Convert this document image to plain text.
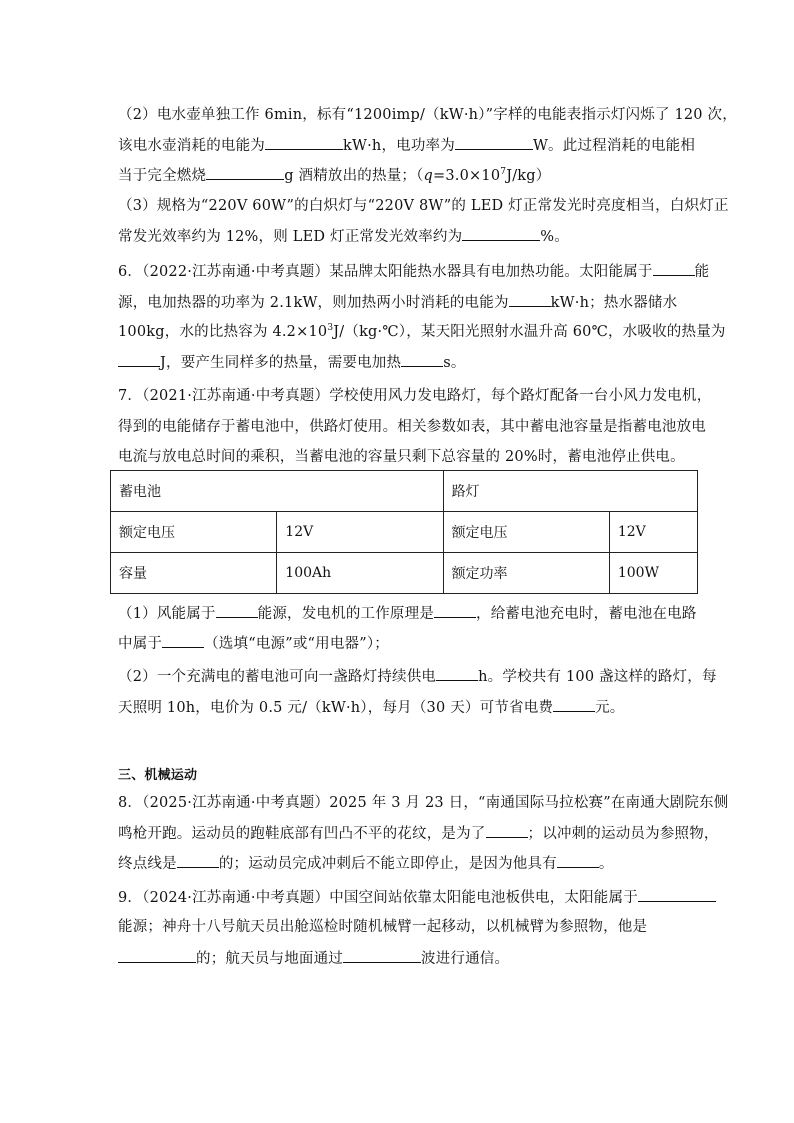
（2）电水壶单独工作 6min，标有“1200imp/（kW·h）”字样的电能表指示灯闪烁了 120 次，
该电水壶消耗的电能为	kW·h，电功率为	W。此过程消耗的电能相
当于完全燃烧	g 酒精放出的热量；$(q=3.0\times 10^7J/kg)$
（3）规格为“220V 60W”的白炽灯与“220V 8W”的 LED 灯正常发光时亮度相当，白炽灯正
常发光效率约为 12%，则 LED 灯正常发光效率约为	%。
6．（2022·江苏南通·中考真题）某品牌太阳能热水器具有电加热功能。太阳能属于	能
源，电加热器的功率为 2.1kW，则加热两小时消耗的电能为	kW·h；热水器储水
100kg，水的比热容为 $4.2\times 10^3J/(kg\cdot℃)$，某天阳光照射水温升高 60℃，水吸收的热量为
J，要产生同样多的热量，需要电加热	s。
7．（2021·江苏南通·中考真题）学校使用风力发电路灯，每个路灯配备一台小风力发电机，
得到的电能储存于蓄电池中，供路灯使用。相关参数如表，其中蓄电池容量是指蓄电池放电
电流与放电总时间的乘积，当蓄电池的容量只剩下总容量的 20%时，蓄电池停止供电。
蓄电池		路灯	
额定电压	12V	额定电压	12V
容量	100Ah	额定功率	100W
（1）风能属于	能源，发电机的工作原理是	，给蓄电池充电时，蓄电池在电路
中属于	（选填“电源”或“用电器”）；
（2）一个充满电的蓄电池可向一盏路灯持续供电	h。学校共有 100 盏这样的路灯，每
天照明 10h，电价为 0.5 元/（kW·h），每月（30 天）可节省电费	元。
三、机械运动
8．（2025·江苏南通·中考真题）2025 年 3 月 23 日，“南通国际马拉松赛”在南通大剧院东侧
鸣枪开跑。运动员的跑鞋底部有凹凸不平的花纹，是为了	；以冲刺的运动员为参照物，
终点线是	的；运动员完成冲刺后不能立即停止，是因为他具有	。
9．（2024·江苏南通·中考真题）中国空间站依靠太阳能电池板供电，太阳能属于
能源；神舟十八号航天员出舱巡检时随机械臂一起移动，以机械臂为参照物，他是
的；航天员与地面通过	波进行通信。
